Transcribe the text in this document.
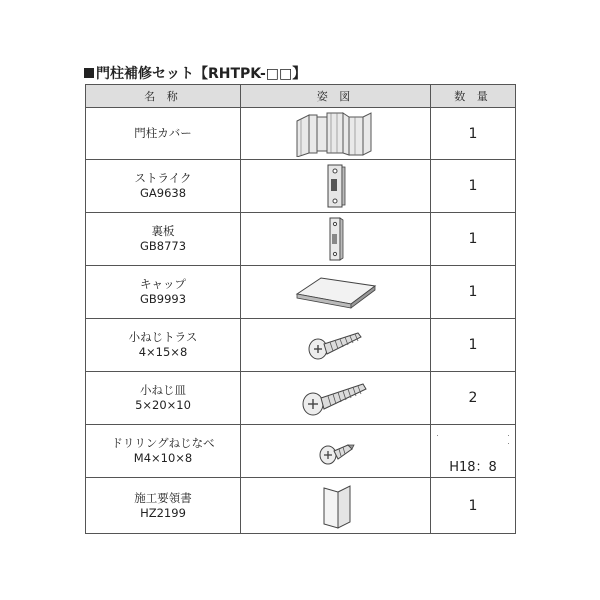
門柱補修セット【RHTPK-□□】
名 称	姿 図	数 量

門柱カバー		1

ストライク
GA9638		1

裏板
GB8773		1

キャップ
GB9993		1

小ねじトラス
4×15×8		1

小ねじ皿
5×20×10		2

ドリリングねじなべ
M4×10×8		H18：8

施工要領書
HZ2199		1
